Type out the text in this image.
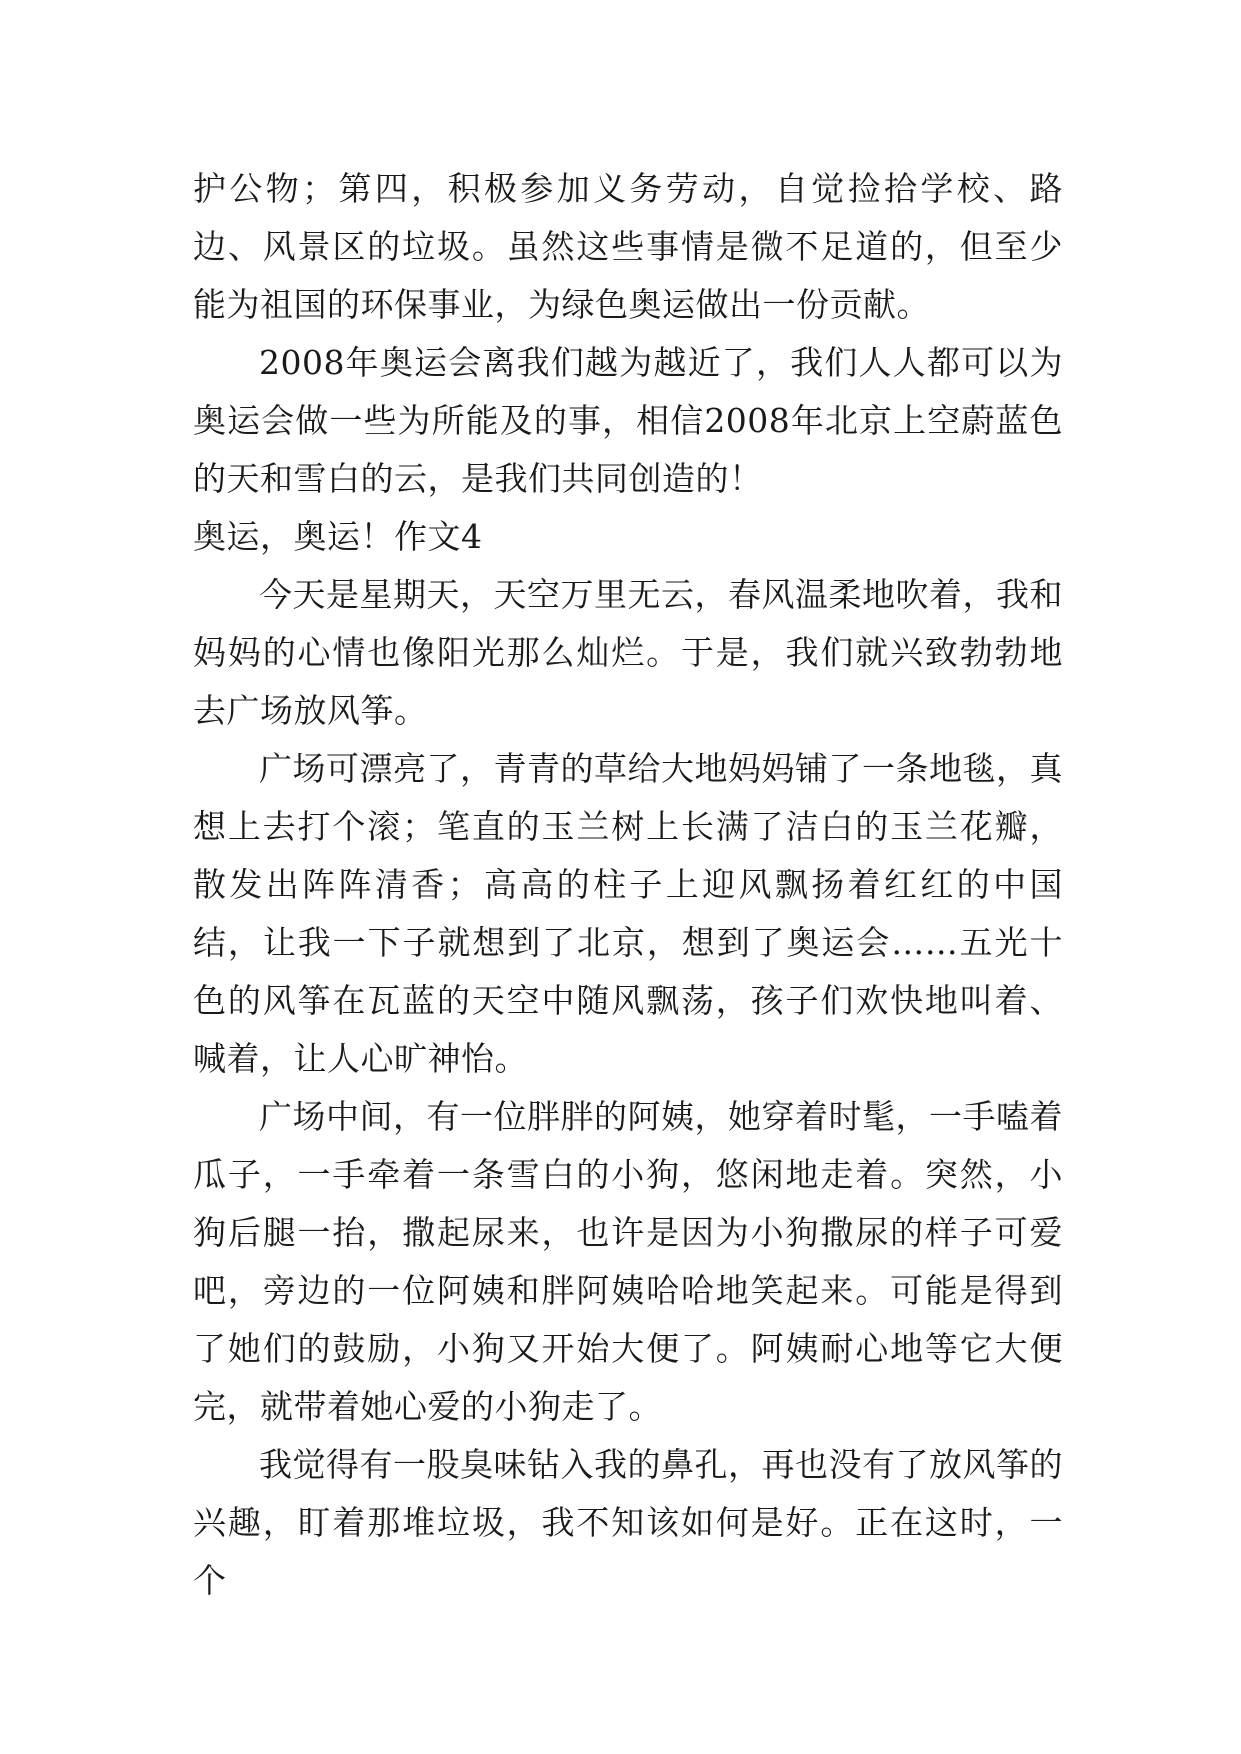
护公物；第四，积极参加义务劳动，自觉捡拾学校、路边、风景区的垃圾。虽然这些事情是微不足道的，但至少能为祖国的环保事业，为绿色奥运做出一份贡献。

2008年奥运会离我们越为越近了，我们人人都可以为奥运会做一些为所能及的事，相信2008年北京上空蔚蓝色的天和雪白的云，是我们共同创造的！

奥运，奥运！作文4

今天是星期天，天空万里无云，春风温柔地吹着，我和妈妈的心情也像阳光那么灿烂。于是，我们就兴致勃勃地去广场放风筝。

广场可漂亮了，青青的草给大地妈妈铺了一条地毯，真想上去打个滚；笔直的玉兰树上长满了洁白的玉兰花瓣，散发出阵阵清香；高高的柱子上迎风飘扬着红红的中国结，让我一下子就想到了北京，想到了奥运会……五光十色的风筝在瓦蓝的天空中随风飘荡，孩子们欢快地叫着、喊着，让人心旷神怡。

广场中间，有一位胖胖的阿姨，她穿着时髦，一手嗑着瓜子，一手牵着一条雪白的小狗，悠闲地走着。突然，小狗后腿一抬，撒起尿来，也许是因为小狗撒尿的样子可爱吧，旁边的一位阿姨和胖阿姨哈哈地笑起来。可能是得到了她们的鼓励，小狗又开始大便了。阿姨耐心地等它大便完，就带着她心爱的小狗走了。

我觉得有一股臭味钻入我的鼻孔，再也没有了放风筝的兴趣，盯着那堆垃圾，我不知该如何是好。正在这时，一个
